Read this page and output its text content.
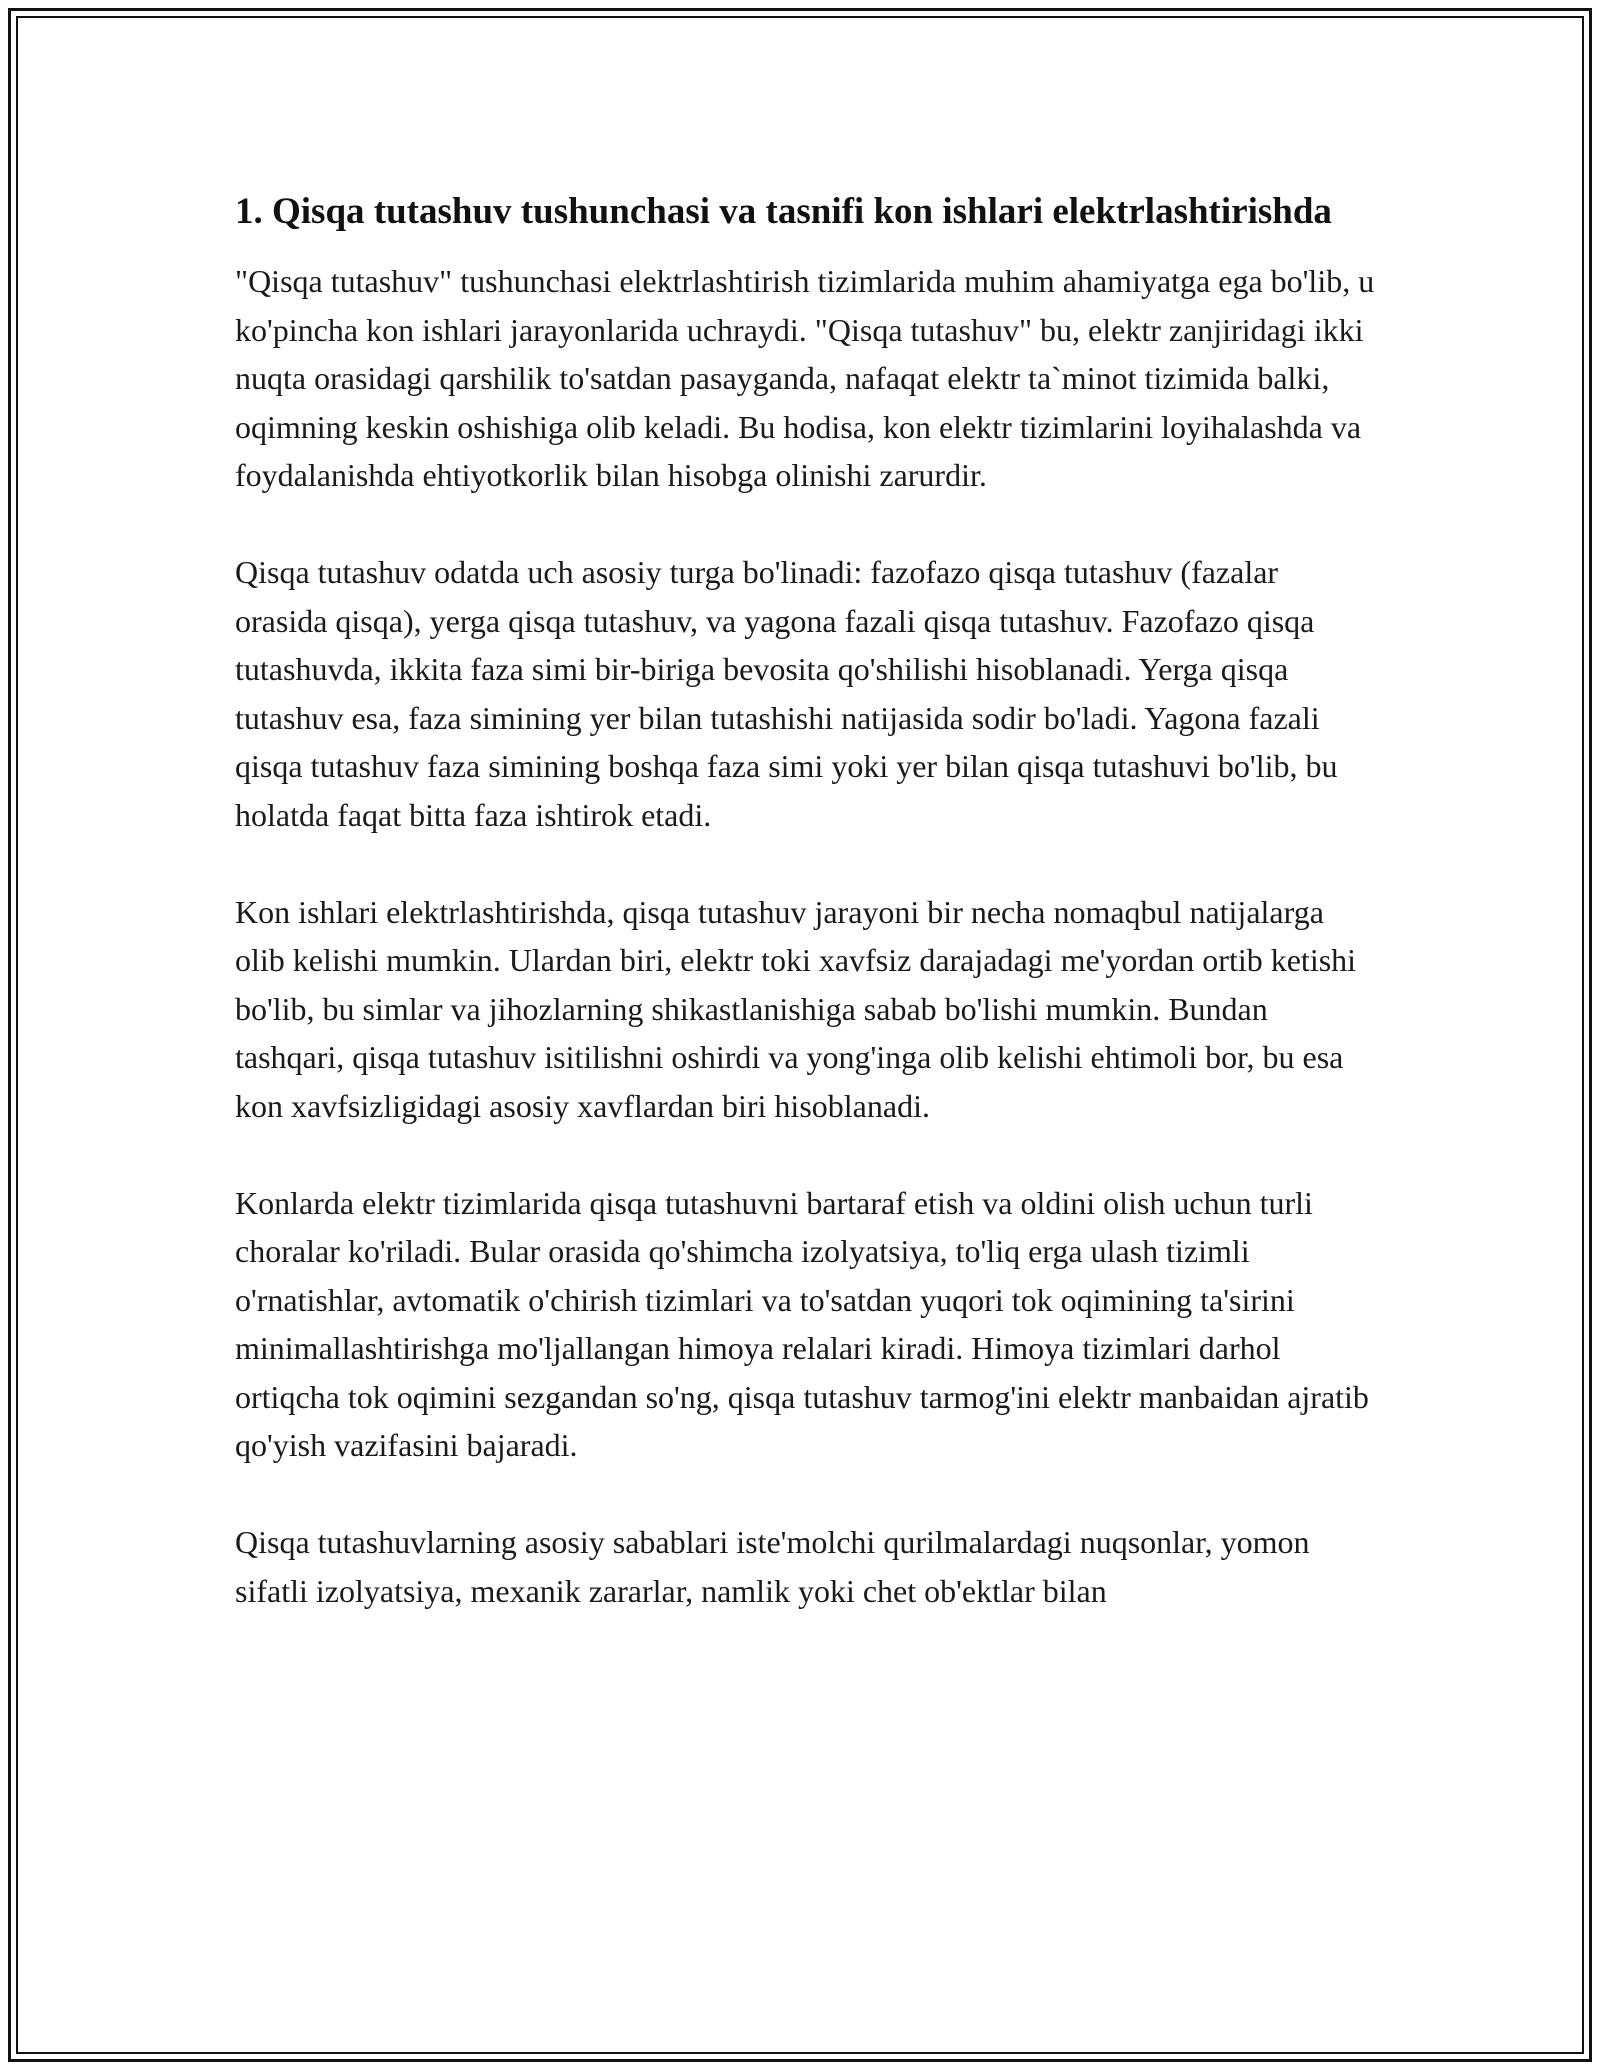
1. Qisqa tutashuv tushunchasi va tasnifi kon ishlari elektrlashtirishda

"Qisqa tutashuv" tushunchasi elektrlashtirish tizimlarida muhim ahamiyatga ega bo'lib, u ko'pincha kon ishlari jarayonlarida uchraydi. "Qisqa tutashuv" bu, elektr zanjiridagi ikki nuqta orasidagi qarshilik to'satdan pasayganda, nafaqat elektr ta`minot tizimida balki, oqimning keskin oshishiga olib keladi. Bu hodisa, kon elektr tizimlarini loyihalashda va foydalanishda ehtiyotkorlik bilan hisobga olinishi zarurdir.

Qisqa tutashuv odatda uch asosiy turga bo'linadi: fazofazo qisqa tutashuv (fazalar orasida qisqa), yerga qisqa tutashuv, va yagona fazali qisqa tutashuv. Fazofazo qisqa tutashuvda, ikkita faza simi bir-biriga bevosita qo'shilishi hisoblanadi. Yerga qisqa tutashuv esa, faza simining yer bilan tutashishi natijasida sodir bo'ladi. Yagona fazali qisqa tutashuv faza simining boshqa faza simi yoki yer bilan qisqa tutashuvi bo'lib, bu holatda faqat bitta faza ishtirok etadi.

Kon ishlari elektrlashtirishda, qisqa tutashuv jarayoni bir necha nomaqbul natijalarga olib kelishi mumkin. Ulardan biri, elektr toki xavfsiz darajadagi me'yordan ortib ketishi bo'lib, bu simlar va jihozlarning shikastlanishiga sabab bo'lishi mumkin. Bundan tashqari, qisqa tutashuv isitilishni oshirdi va yong'inga olib kelishi ehtimoli bor, bu esa kon xavfsizligidagi asosiy xavflardan biri hisoblanadi.

Konlarda elektr tizimlarida qisqa tutashuvni bartaraf etish va oldini olish uchun turli choralar ko'riladi. Bular orasida qo'shimcha izolyatsiya, to'liq erga ulash tizimli o'rnatishlar, avtomatik o'chirish tizimlari va to'satdan yuqori tok oqimining ta'sirini minimallashtirishga mo'ljallangan himoya relalari kiradi. Himoya tizimlari darhol ortiqcha tok oqimini sezgandan so'ng, qisqa tutashuv tarmog'ini elektr manbaidan ajratib qo'yish vazifasini bajaradi.

Qisqa tutashuvlarning asosiy sabablari iste'molchi qurilmalardagi nuqsonlar, yomon sifatli izolyatsiya, mexanik zararlar, namlik yoki chet ob'ektlar bilan
